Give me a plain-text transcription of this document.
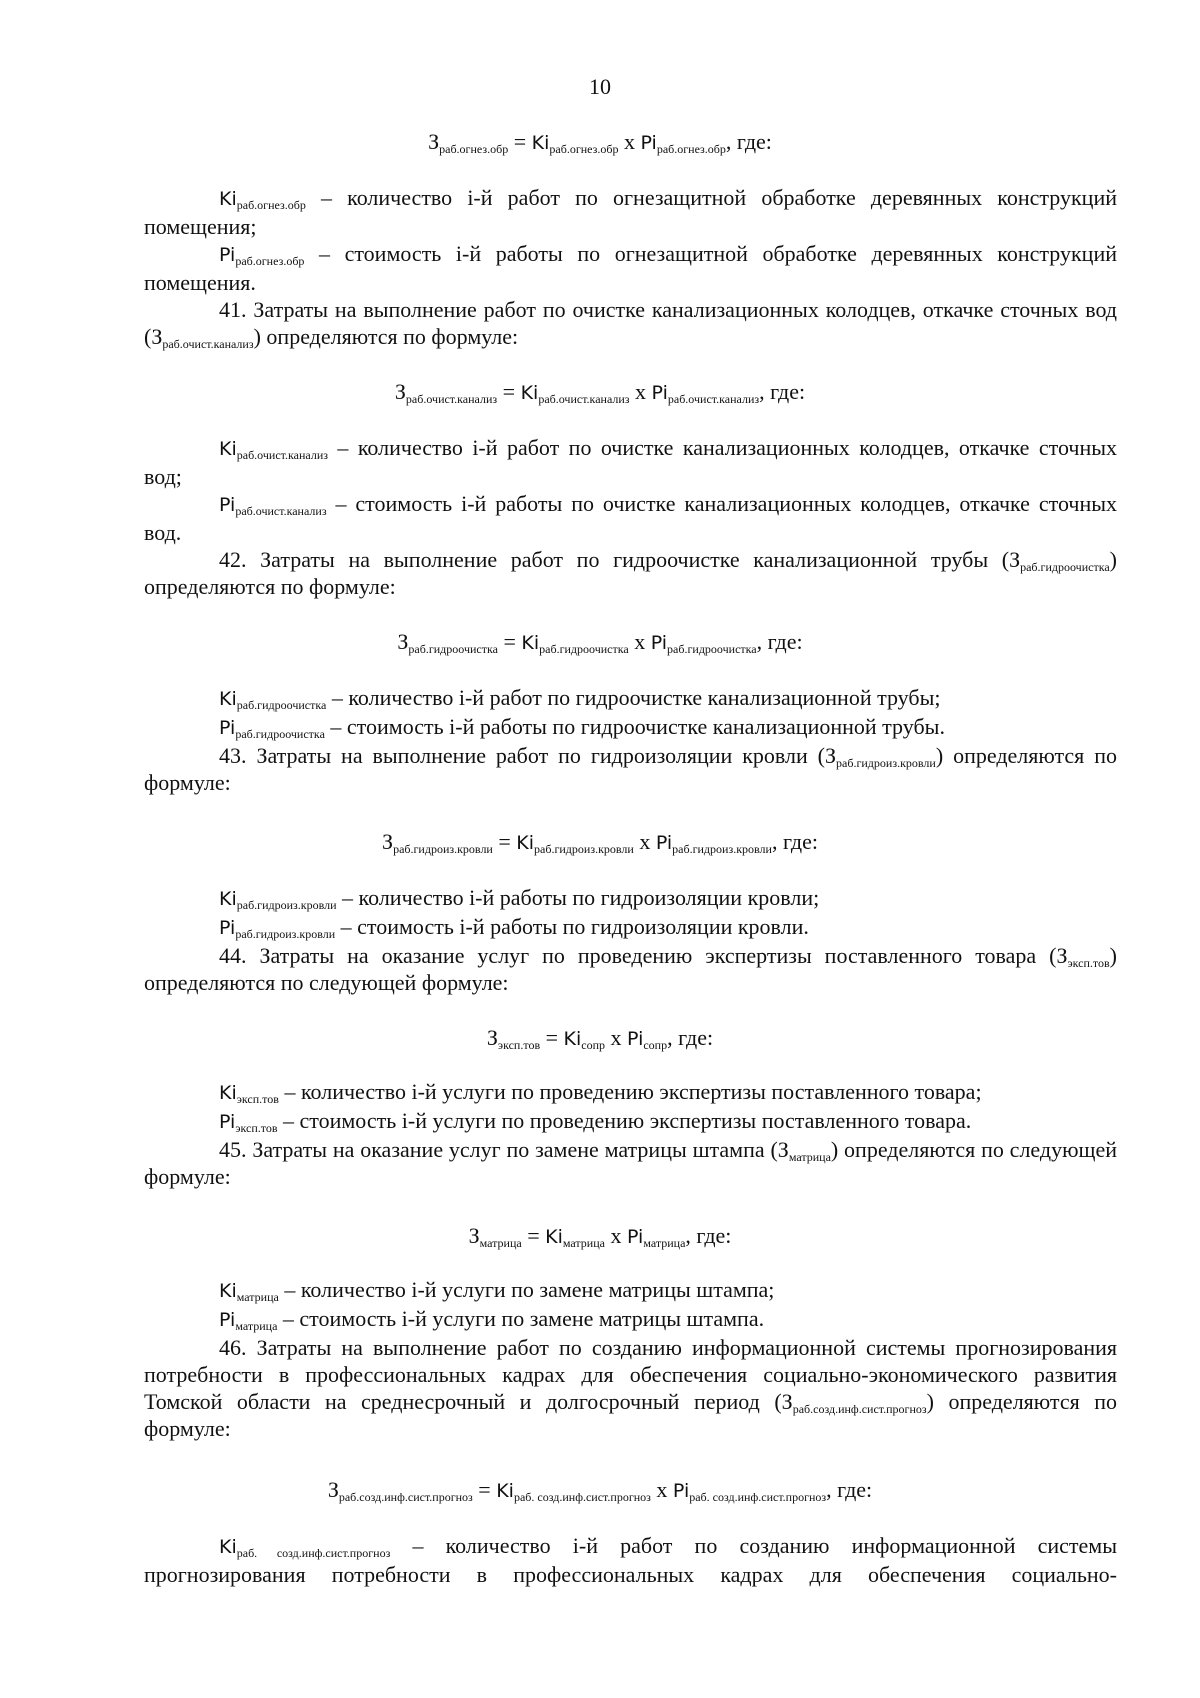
10
$З_{раб.огнез.обр} = Ki_{раб.огнез.обр}$ х $Pi_{раб.огнез.обр}$, где:

$Ki_{раб.огнез.обр}$ – количество i-й работ по огнезащитной обработке деревянных конструкций помещения;

$Pi_{раб.огнез.обр}$ – стоимость i-й работы по огнезащитной обработке деревянных конструкций помещения.

41. Затраты на выполнение работ по очистке канализационных колодцев, откачке сточных вод $(З_{раб.очист.канализ})$ определяются по формуле:

$З_{раб.очист.канализ} = Ki_{раб.очист.канализ}$ х $Pi_{раб.очист.канализ}$, где:

$Ki_{раб.очист.канализ}$ – количество i-й работ по очистке канализационных колодцев, откачке сточных вод;

$Pi_{раб.очист.канализ}$ – стоимость i-й работы по очистке канализационных колодцев, откачке сточных вод.

42. Затраты на выполнение работ по гидроочистке канализационной трубы $(З_{раб.гидроочистка})$ определяются по формуле:

$З_{раб.гидроочистка} = Ki_{раб.гидроочистка}$ х $Pi_{раб.гидроочистка}$, где:

$Ki_{раб.гидроочистка}$ – количество i-й работ по гидроочистке канализационной трубы;

$Pi_{раб.гидроочистка}$ – стоимость i-й работы по гидроочистке канализационной трубы.

43. Затраты на выполнение работ по гидроизоляции кровли $(З_{раб.гидроиз.кровли})$ определяются по формуле:

$З_{раб.гидроиз.кровли} = Ki_{раб.гидроиз.кровли}$ х $Pi_{раб.гидроиз.кровли}$, где:

$Ki_{раб.гидроиз.кровли}$ – количество i-й работы по гидроизоляции кровли;

$Pi_{раб.гидроиз.кровли}$ – стоимость i-й работы по гидроизоляции кровли.

44. Затраты на оказание услуг по проведению экспертизы поставленного товара $(З_{эксп.тов})$ определяются по следующей формуле:

$З_{эксп.тов} = Ki_{сопр}$ х $Pi_{сопр}$, где:

$Ki_{эксп.тов}$ – количество i-й услуги по проведению экспертизы поставленного товара;

$Pi_{эксп.тов}$ – стоимость i-й услуги по проведению экспертизы поставленного товара.

45. Затраты на оказание услуг по замене матрицы штампа $(З_{матрица})$ определяются по следующей формуле:

$З_{матрица} = Ki_{матрица}$ х $Pi_{матрица}$, где:

$Ki_{матрица}$ – количество i-й услуги по замене матрицы штампа;

$Pi_{матрица}$ – стоимость i-й услуги по замене матрицы штампа.

46. Затраты на выполнение работ по созданию информационной системы прогнозирования потребности в профессиональных кадрах для обеспечения социально-экономического развития Томской области на среднесрочный и долгосрочный период $(З_{раб.созд.инф.сист.прогноз})$ определяются по формуле:

$З_{раб.созд.инф.сист.прогноз} = Ki_{раб. созд.инф.сист.прогноз}$ х $Pi_{раб. созд.инф.сист.прогноз}$, где:

$Ki_{раб. созд.инф.сист.прогноз}$ – количество i-й работ по созданию информационной системы прогнозирования потребности в профессиональных кадрах для обеспечения социально-
